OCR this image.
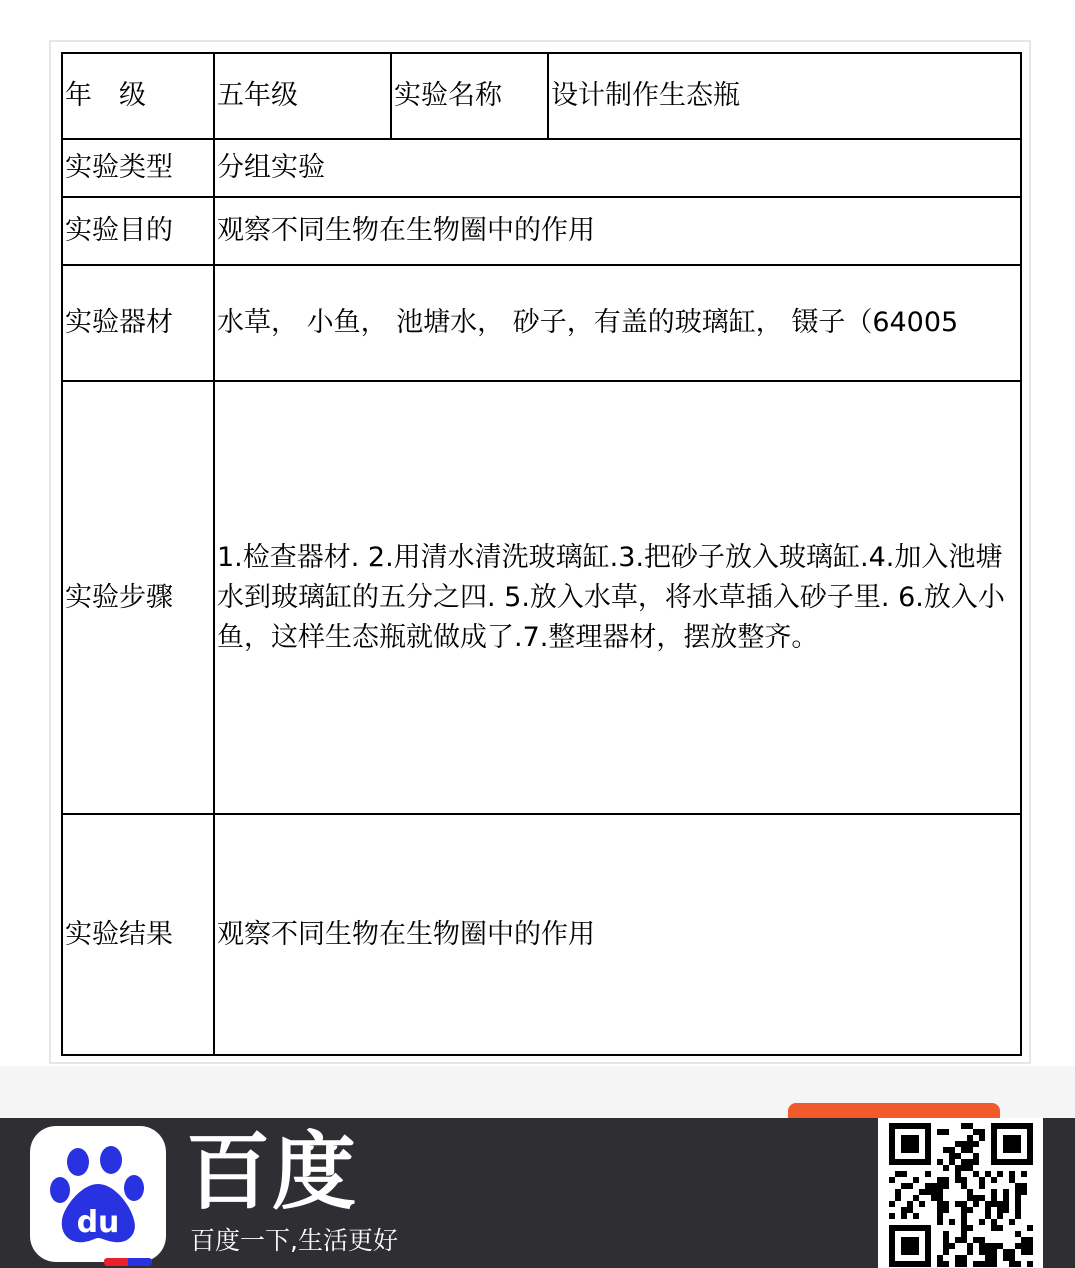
年　级	五年级	实验名称	设计制作生态瓶
实验类型	分组实验		
实验目的	观察不同生物在生物圈中的作用		
实验器材	水草， 小鱼， 池塘水， 砂子，有盖的玻璃缸， 镊子（64005		
实验步骤	1.检查器材. 2.用清水清洗玻璃缸.3.把砂子放入玻璃缸.4.加入池塘水到玻璃缸的五分之四. 5.放入水草，将水草插入砂子里. 6.放入小鱼，这样生态瓶就做成了.7.整理器材，摆放整齐。		
实验结果	观察不同生物在生物圈中的作用		
du
百度
百度一下,生活更好
